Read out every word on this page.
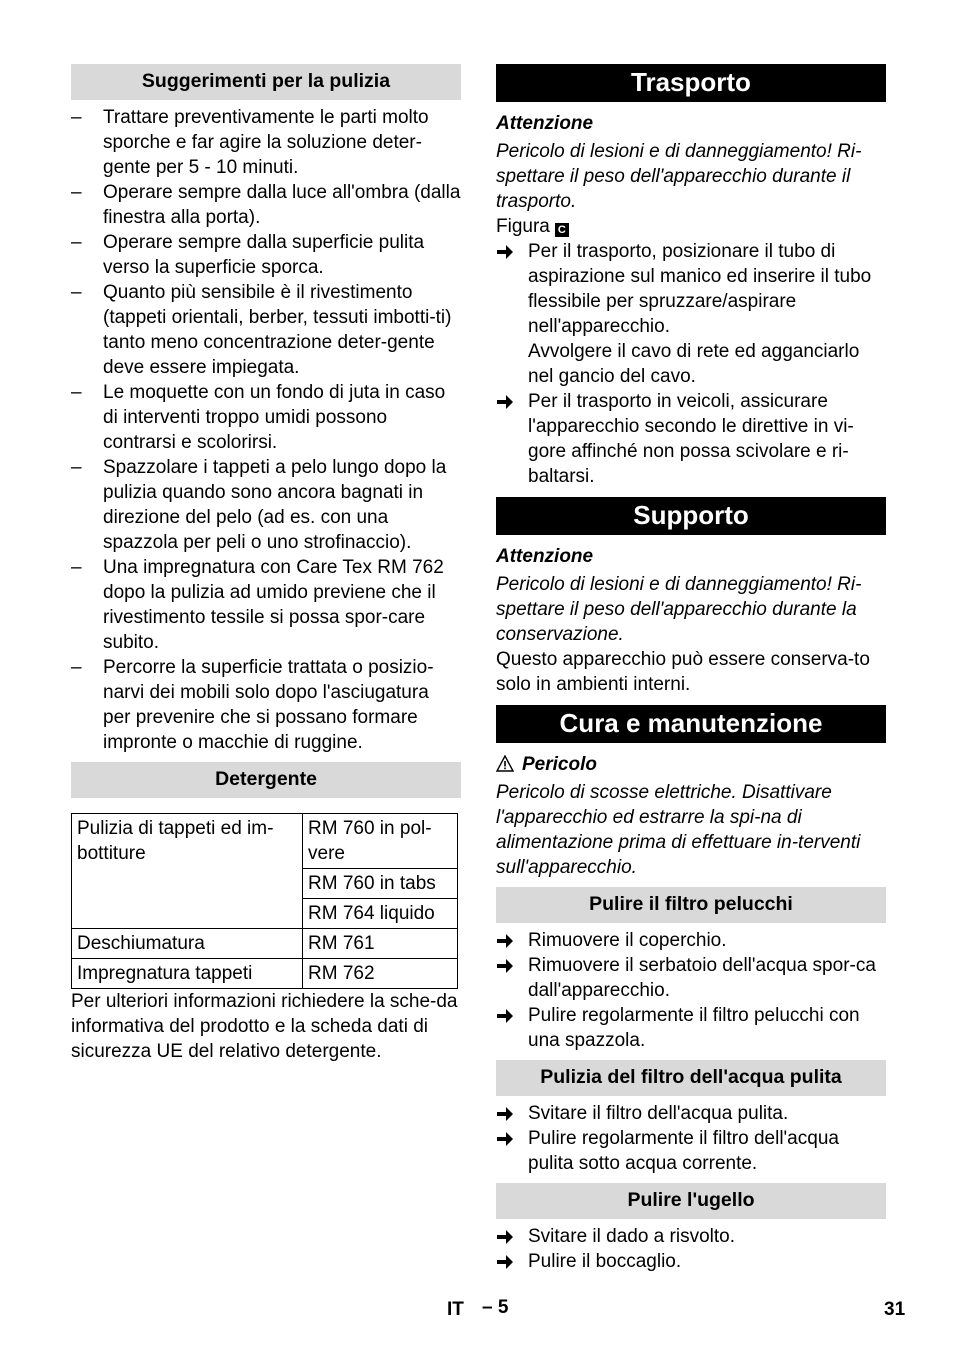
Suggerimenti per la pulizia
– Trattare preventivamente le parti molto sporche e far agire la soluzione deter-gente per 5 - 10 minuti.
– Operare sempre dalla luce all'ombra (dalla finestra alla porta).
– Operare sempre dalla superficie pulita verso la superficie sporca.
– Quanto più sensibile è il rivestimento (tappeti orientali, berber, tessuti imbotti-ti) tanto meno concentrazione deter-gente deve essere impiegata.
– Le moquette con un fondo di juta in caso di interventi troppo umidi possono contrarsi e scolorirsi.
– Spazzolare i tappeti a pelo lungo dopo la pulizia quando sono ancora bagnati in direzione del pelo (ad es. con una spazzola per peli o uno strofinaccio).
– Una impregnatura con Care Tex RM 762 dopo la pulizia ad umido previene che il rivestimento tessile si possa spor-care subito.
– Percorre la superficie trattata o posizio-narvi dei mobili solo dopo l'asciugatura per prevenire che si possano formare impronte o macchie di ruggine.
Detergente
Pulizia di tappeti ed im-bottiture	RM 760 in pol-vere
	RM 760 in tabs
	RM 764 liquido
Deschiumatura	RM 761
Impregnatura tappeti	RM 762
Per ulteriori informazioni richiedere la sche-da informativa del prodotto e la scheda dati di sicurezza UE del relativo detergente.
Trasporto
Attenzione
Pericolo di lesioni e di danneggiamento! Ri-spettare il peso dell'apparecchio durante il trasporto.
Figura C
Per il trasporto, posizionare il tubo di aspirazione sul manico ed inserire il tubo flessibile per spruzzare/aspirare nell'apparecchio.
Avvolgere il cavo di rete ed agganciarlo nel gancio del cavo.
Per il trasporto in veicoli, assicurare l'apparecchio secondo le direttive in vi-gore affinché non possa scivolare e ri-baltarsi.
Supporto
Attenzione
Pericolo di lesioni e di danneggiamento! Ri-spettare il peso dell'apparecchio durante la conservazione.
Questo apparecchio può essere conserva-to solo in ambienti interni.
Cura e manutenzione
Pericolo
Pericolo di scosse elettriche. Disattivare l'apparecchio ed estrarre la spi-na di alimentazione prima di effettuare in-terventi sull'apparecchio.
Pulire il filtro pelucchi
Rimuovere il coperchio.
Rimuovere il serbatoio dell'acqua spor-ca dall'apparecchio.
Pulire regolarmente il filtro pelucchi con una spazzola.
Pulizia del filtro dell'acqua pulita
Svitare il filtro dell'acqua pulita.
Pulire regolarmente il filtro dell'acqua pulita sotto acqua corrente.
Pulire l'ugello
Svitare il dado a risvolto.
Pulire il boccaglio.
IT – 5	31
